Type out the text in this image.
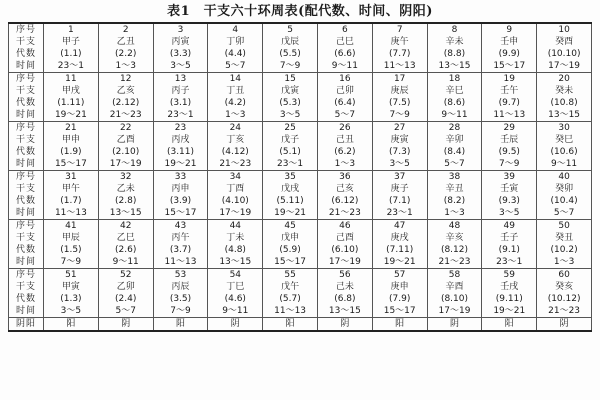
表1　干支六十环周表(配代数、时间、阴阳)
序号	1	2	3	4	5	6	7	8	9	10
干支	甲子	乙丑	丙寅	丁卯	戊辰	己巳	庚午	辛未	壬申	癸酉
代数	(1.1)	(2.2)	(3.3)	(4.4)	(5.5)	(6.6)	(7.7)	(8.8)	(9.9)	(10.10)
时间	23～1	1～3	3～5	5～7	7～9	9～11	11～13	13～15	15～17	17～19
序号	11	12	13	14	15	16	17	18	19	20
干支	甲戌	乙亥	丙子	丁丑	戊寅	己卯	庚辰	辛巳	壬午	癸未
代数	(1.11)	(2.12)	(3.1)	(4.2)	(5.3)	(6.4)	(7.5)	(8.6)	(9.7)	(10.8)
时间	19～21	21～23	23～1	1～3	3～5	5～7	7～9	9～11	11～13	13～15
序号	21	22	23	24	25	26	27	28	29	30
干支	甲申	乙酉	丙戌	丁亥	戊子	己丑	庚寅	辛卯	壬辰	癸巳
代数	(1.9)	(2.10)	(3.11)	(4.12)	(5.1)	(6.2)	(7.3)	(8.4)	(9.5)	(10.6)
时间	15～17	17～19	19～21	21～23	23～1	1～3	3～5	5～7	7～9	9～11
序号	31	32	33	34	35	36	37	38	39	40
干支	甲午	乙未	丙申	丁酉	戊戌	己亥	庚子	辛丑	壬寅	癸卯
代数	(1.7)	(2.8)	(3.9)	(4.10)	(5.11)	(6.12)	(7.1)	(8.2)	(9.3)	(10.4)
时间	11～13	13～15	15～17	17～19	19～21	21～23	23～1	1～3	3～5	5～7
序号	41	42	43	44	45	46	47	48	49	50
干支	甲辰	乙巳	丙午	丁未	戊申	己酉	庚戌	辛亥	壬子	癸丑
代数	(1.5)	(2.6)	(3.7)	(4.8)	(5.9)	(6.10)	(7.11)	(8.12)	(9.1)	(10.2)
时间	7～9	9～11	11～13	13～15	15～17	17～19	19～21	21～23	23～1	1～3
序号	51	52	53	54	55	56	57	58	59	60
干支	甲寅	乙卯	丙辰	丁巳	戊午	己未	庚申	辛酉	壬戌	癸亥
代数	(1.3)	(2.4)	(3.5)	(4.6)	(5.7)	(6.8)	(7.9)	(8.10)	(9.11)	(10.12)
时间	3～5	5～7	7～9	9～11	11～13	13～15	15～17	17～19	19～21	21～23
阴阳	阳	阴	阳	阴	阳	阴	阳	阴	阳	阴
